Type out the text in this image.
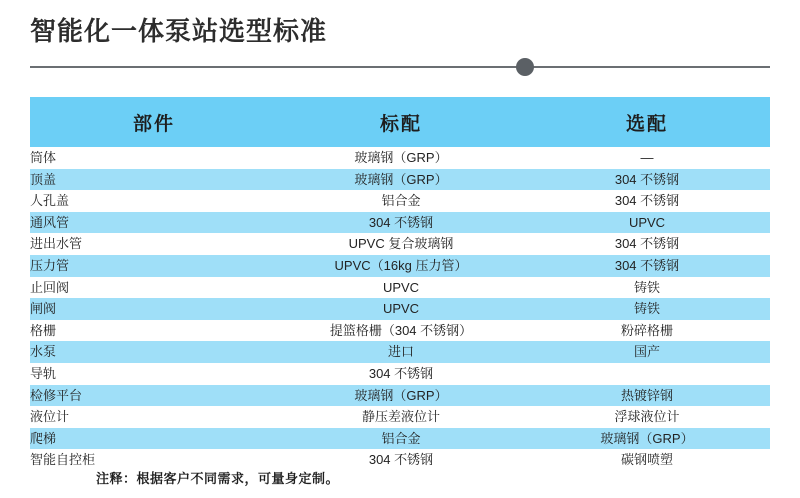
智能化一体泵站选型标准
部件	标配	选配
筒体	玻璃钢（GRP）	—
顶盖	玻璃钢（GRP）	304 不锈钢
人孔盖	铝合金	304 不锈钢
通风管	304 不锈钢	UPVC
进出水管	UPVC 复合玻璃钢	304 不锈钢
压力管	UPVC（16kg 压力管）	304 不锈钢
止回阀	UPVC	铸铁
闸阀	UPVC	铸铁
格栅	提篮格栅（304 不锈钢）	粉碎格栅
水泵	进口	国产
导轨	304 不锈钢	
检修平台	玻璃钢（GRP）	热镀锌钢
液位计	静压差液位计	浮球液位计
爬梯	铝合金	玻璃钢（GRP）
智能自控柜	304 不锈钢	碳钢喷塑
注释：根据客户不同需求，可量身定制。
